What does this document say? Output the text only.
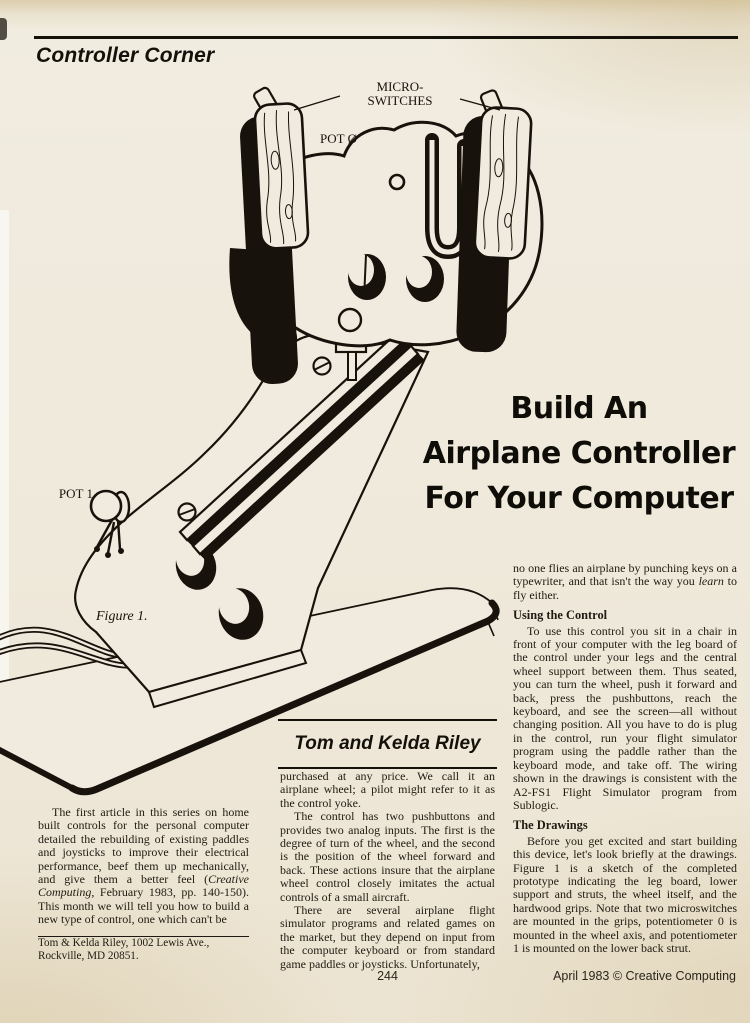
Controller Corner
MICRO-
SWITCHES
POT Ø
POT 1
Figure 1.
Build An
Airplane Controller
For Your Computer
Tom and Kelda Riley

The first article in this series on home built controls for the personal computer detailed the rebuilding of existing paddles and joysticks to improve their electrical performance, beef them up mechanically, and give them a better feel (Creative Computing, February 1983, pp. 140-150). This month we will tell you how to build a new type of control, one which can't be

Tom & Kelda Riley, 1002 Lewis Ave., Rockville, MD 20851.

purchased at any price. We call it an airplane wheel; a pilot might refer to it as the control yoke.

The control has two pushbuttons and provides two analog inputs. The first is the degree of turn of the wheel, and the second is the position of the wheel forward and back. These actions insure that the airplane wheel control closely imitates the actual controls of a small aircraft.

There are several airplane flight simulator programs and related games on the market, but they depend on input from the computer keyboard or from standard game paddles or joysticks. Unfortunately,

no one flies an airplane by punching keys on a typewriter, and that isn't the way you learn to fly either.

Using the Control

To use this control you sit in a chair in front of your computer with the leg board of the control under your legs and the central wheel support between them. Thus seated, you can turn the wheel, push it forward and back, press the pushbuttons, reach the keyboard, and see the screen—all without changing position. All you have to do is plug in the control, run your flight simulator program using the paddle rather than the keyboard mode, and take off. The wiring shown in the drawings is consistent with the A2-FS1 Flight Simulator program from Sublogic.

The Drawings

Before you get excited and start building this device, let's look briefly at the drawings. Figure 1 is a sketch of the completed prototype indicating the leg board, lower support and struts, the wheel itself, and the hardwood grips. Note that two microswitches are mounted in the grips, potentiometer 0 is mounted in the wheel axis, and potentiometer 1 is mounted on the lower back strut.

244	April 1983 © Creative Computing
